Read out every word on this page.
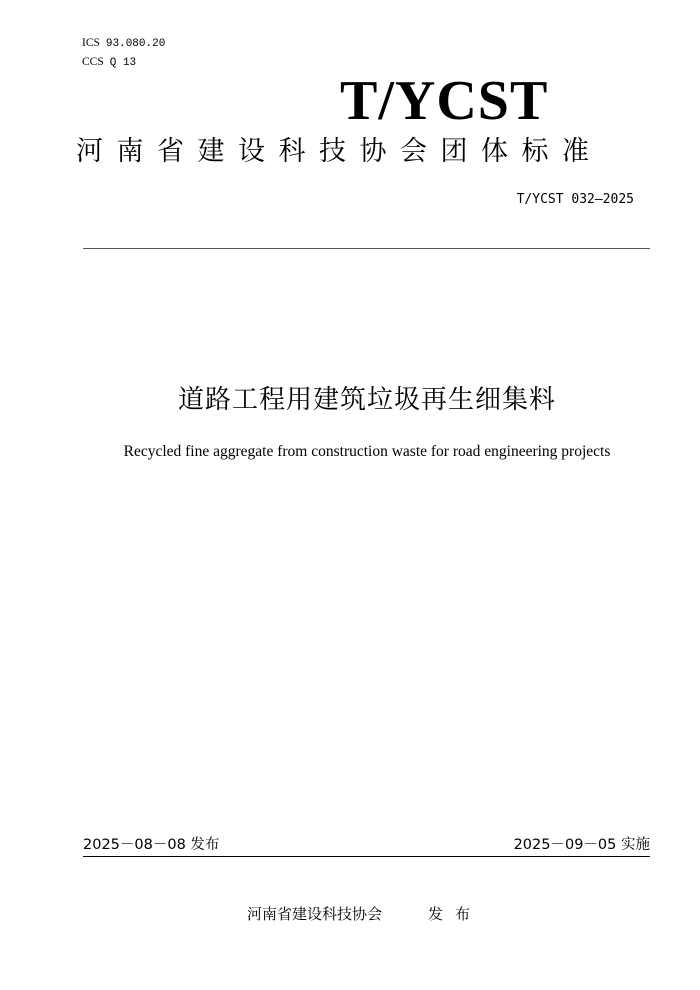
ICS 93.080.20
CCS Q 13
T/YCST
河南省建设科技协会团体标准
T/YCST 032—2025
道路工程用建筑垃圾再生细集料
Recycled fine aggregate from construction waste for road engineering projects
2025－08－08 发布	2025－09－05 实施
河南省建设科技协会	发布
